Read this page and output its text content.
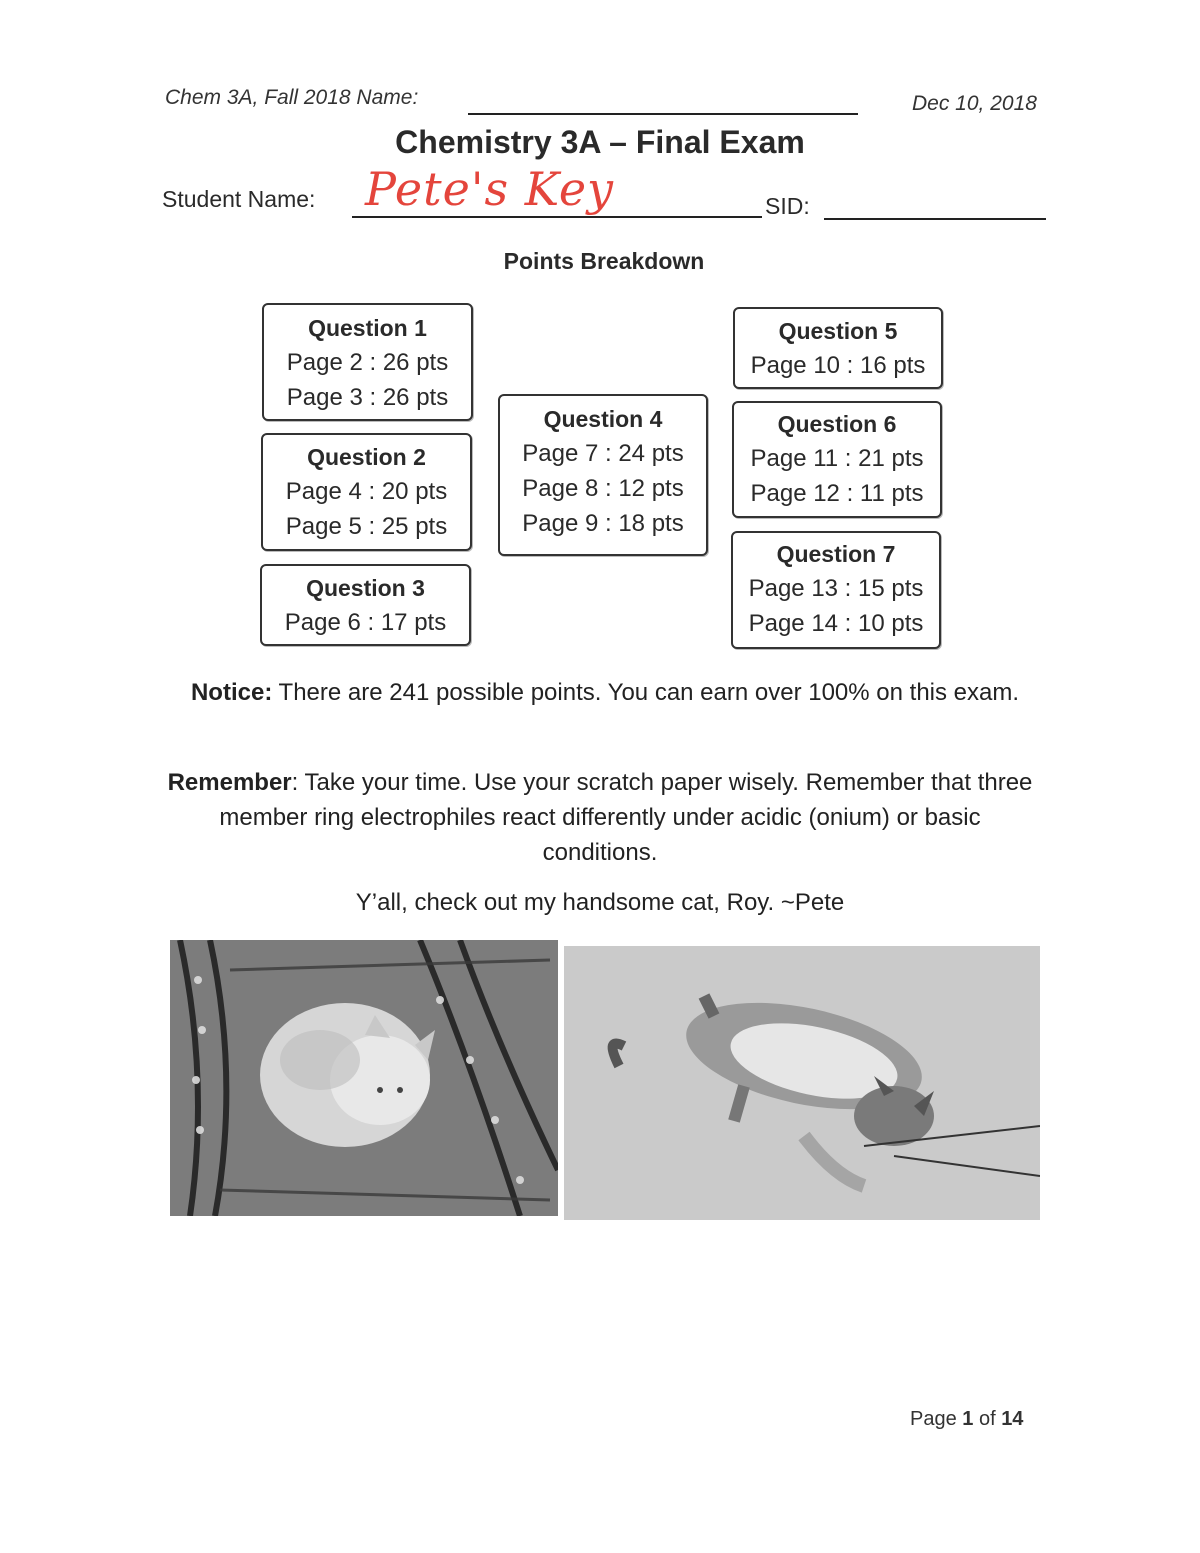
Chem 3A, Fall 2018 Name:	Dec 10, 2018
Chemistry 3A – Final Exam
Student Name: Pete's Key	SID:
Points Breakdown
Question 1
Page 2 : 26 pts
Page 3 : 26 pts
Question 2
Page 4 : 20 pts
Page 5 : 25 pts
Question 3
Page 6 : 17 pts
Question 4
Page 7 : 24 pts
Page 8 : 12 pts
Page 9 : 18 pts
Question 5
Page 10 : 16 pts
Question 6
Page 11 : 21 pts
Page 12 : 11 pts
Question 7
Page 13 : 15 pts
Page 14 : 10 pts
Notice: There are 241 possible points. You can earn over 100% on this exam.
Remember: Take your time. Use your scratch paper wisely. Remember that three member ring electrophiles react differently under acidic (onium) or basic conditions.
Y’all, check out my handsome cat, Roy. ~Pete
Page 1 of 14
